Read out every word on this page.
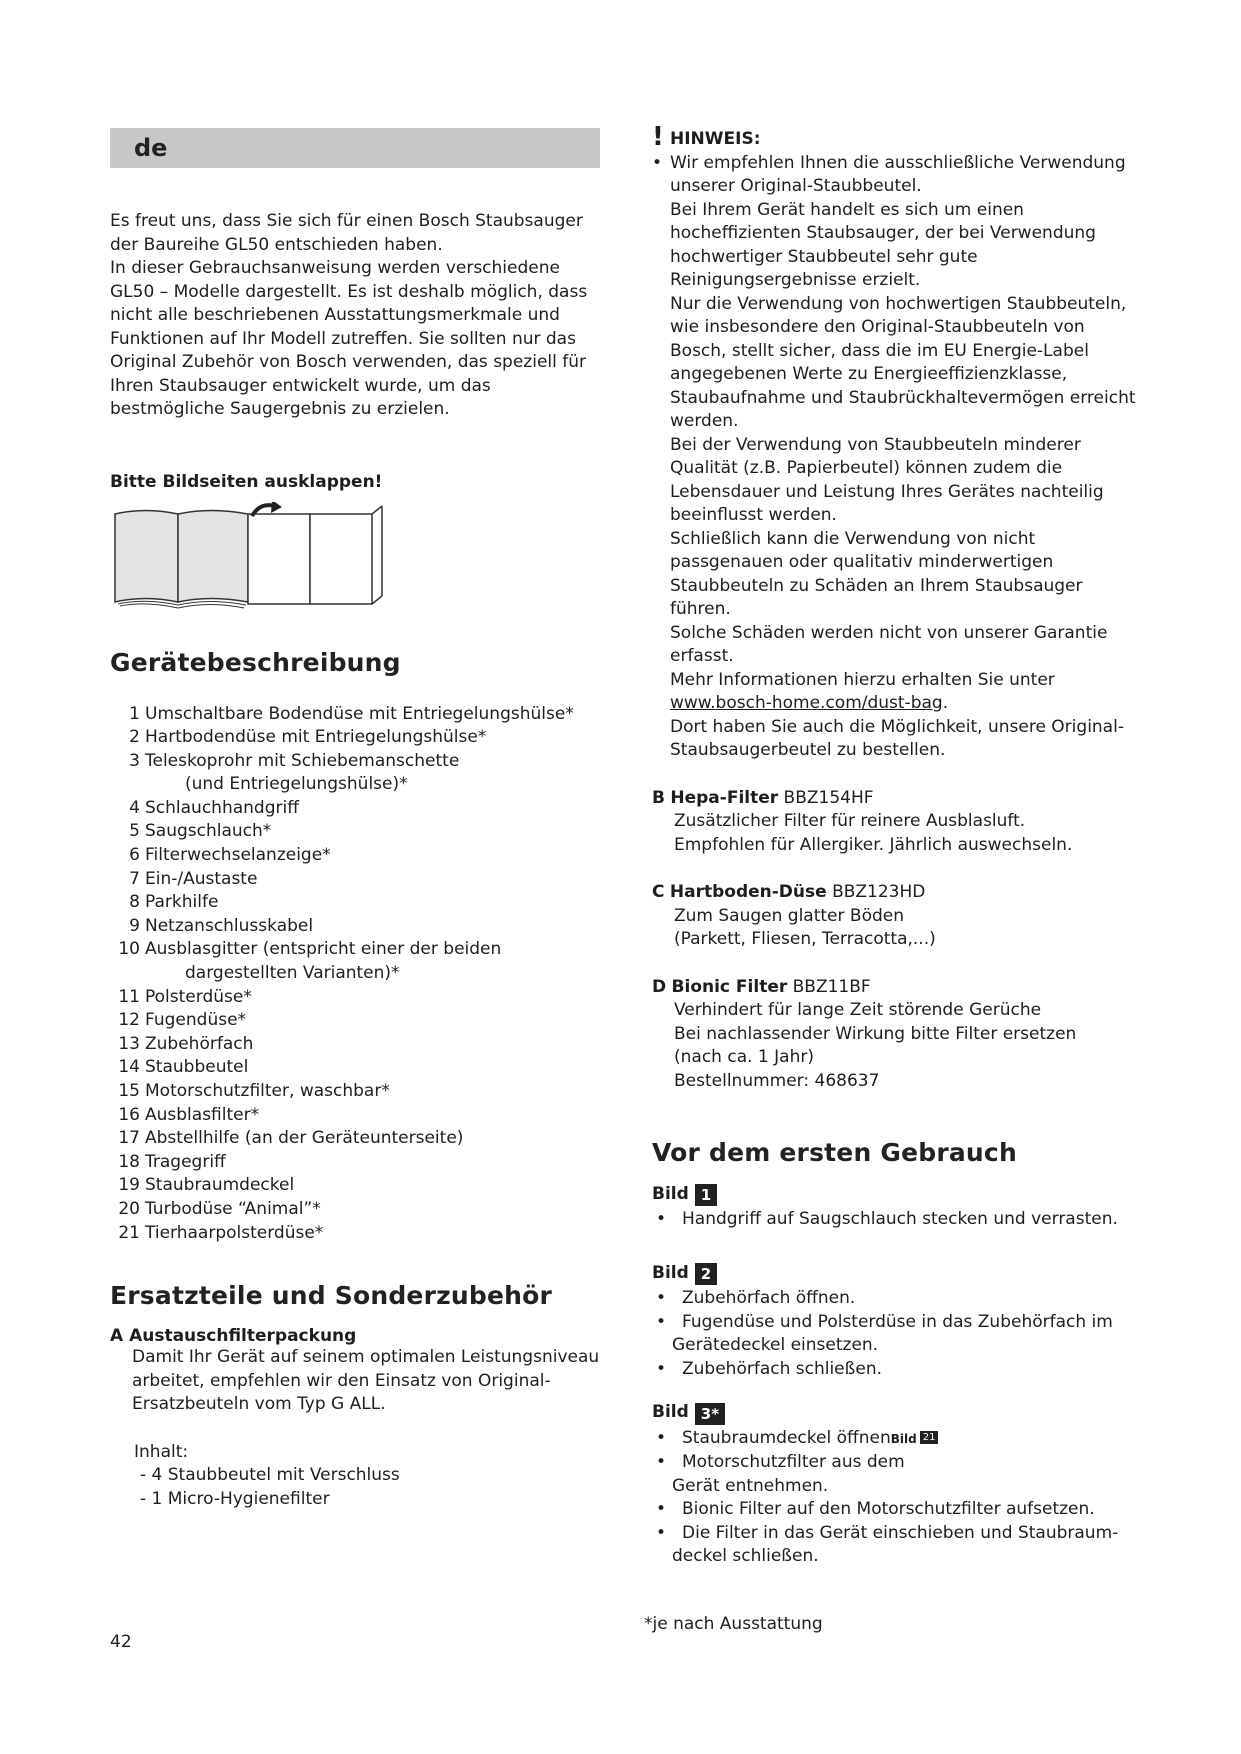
de

Es freut uns, dass Sie sich für einen Bosch Staubsauger der Baureihe GL50 entschieden haben.

In dieser Gebrauchsanweisung werden verschiedene GL50 – Modelle dargestellt. Es ist deshalb möglich, dass nicht alle beschriebenen Ausstattungsmerkmale und Funktionen auf Ihr Modell zutreffen. Sie sollten nur das Original Zubehör von Bosch verwenden, das speziell für Ihren Staubsauger entwickelt wurde, um das bestmögliche Saugergebnis zu erzielen.

Bitte Bildseiten ausklappen!
Gerätebeschreibung
1 Umschaltbare Bodendüse mit Entriegelungshülse*
2 Hartbodendüse mit Entriegelungshülse*
3 Teleskoprohr mit Schiebemanschette
(und Entriegelungshülse)*
4 Schlauchhandgriff
5 Saugschlauch*
6 Filterwechselanzeige*
7 Ein-/Austaste
8 Parkhilfe
9 Netzanschlusskabel
10 Ausblasgitter (entspricht einer der beiden
dargestellten Varianten)*
11 Polsterdüse*
12 Fugendüse*
13 Zubehörfach
14 Staubbeutel
15 Motorschutzfilter, waschbar*
16 Ausblasfilter*
17 Abstellhilfe (an der Geräteunterseite)
18 Tragegriff
19 Staubraumdeckel
20 Turbodüse “Animal”*
21 Tierhaarpolsterdüse*
Ersatzteile und Sonderzubehör
A Austauschfilterpackung
Damit Ihr Gerät auf seinem optimalen Leistungsniveau arbeitet, empfehlen wir den Einsatz von Original-Ersatzbeuteln vom Typ G ALL.
Inhalt:
- 4 Staubbeutel mit Verschluss
- 1 Micro-Hygienefilter
! HINWEIS:
• Wir empfehlen Ihnen die ausschließliche Verwendung unserer Original-Staubbeutel.

Bei Ihrem Gerät handelt es sich um einen hocheffizienten Staubsauger, der bei Verwendung hochwertiger Staubbeutel sehr gute Reinigungsergebnisse erzielt.

Nur die Verwendung von hochwertigen Staubbeuteln, wie insbesondere den Original-Staubbeuteln von Bosch, stellt sicher, dass die im EU Energie-Label angegebenen Werte zu Energieeffizienzklasse, Staubaufnahme und Staubrückhaltevermögen erreicht werden.

Bei der Verwendung von Staubbeuteln minderer Qualität (z.B. Papierbeutel) können zudem die Lebensdauer und Leistung Ihres Gerätes nachteilig beeinflusst werden.

Schließlich kann die Verwendung von nicht passgenauen oder qualitativ minderwertigen Staubbeuteln zu Schäden an Ihrem Staubsauger führen.

Solche Schäden werden nicht von unserer Garantie erfasst.

Mehr Informationen hierzu erhalten Sie unter

www.bosch-home.com/dust-bag.

Dort haben Sie auch die Möglichkeit, unsere Original-Staubsaugerbeutel zu bestellen.

B Hepa-Filter BBZ154HF
Zusätzlicher Filter für reinere Ausblasluft.
Empfohlen für Allergiker. Jährlich auswechseln.
C Hartboden-Düse BBZ123HD
Zum Saugen glatter Böden
(Parkett, Fliesen, Terracotta,...)
D Bionic Filter BBZ11BF
Verhindert für lange Zeit störende Gerüche
Bei nachlassender Wirkung bitte Filter ersetzen
(nach ca. 1 Jahr)
Bestellnummer: 468637
Vor dem ersten Gebrauch
Bild 1
• Handgriff auf Saugschlauch stecken und verrasten.
Bild 2
• Zubehörfach öffnen.
• Fugendüse und Polsterdüse in das Zubehörfach im
Gerätedeckel einsetzen.
• Zubehörfach schließen.
Bild 3*
• Staubraumdeckel öffnenBild 21
• Motorschutzfilter aus dem
Gerät entnehmen.
• Bionic Filter auf den Motorschutzfilter aufsetzen.
• Die Filter in das Gerät einschieben und Staubraum-
deckel schließen.
42
*je nach Ausstattung
